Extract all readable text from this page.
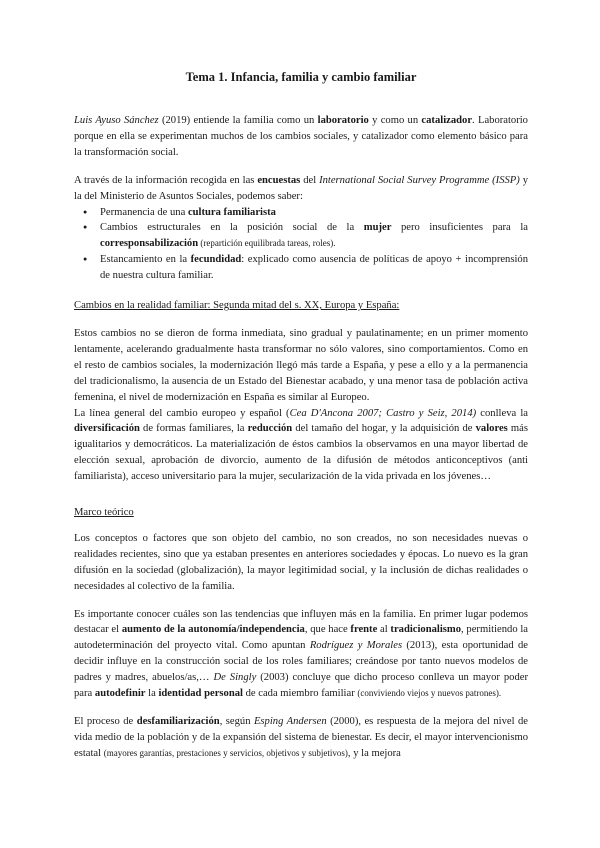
Tema 1. Infancia, familia y cambio familiar

Luis Ayuso Sánchez (2019) entiende la familia como un laboratorio y como un catalizador. Laboratorio porque en ella se experimentan muchos de los cambios sociales, y catalizador como elemento básico para la transformación social.

A través de la información recogida en las encuestas del International Social Survey Programme (ISSP) y la del Ministerio de Asuntos Sociales, podemos saber:

● Permanencia de una cultura familiarista
● Cambios estructurales en la posición social de la mujer pero insuficientes para la corresponsabilización (repartición equilibrada tareas, roles).
● Estancamiento en la fecundidad: explicado como ausencia de políticas de apoyo + incomprensión de nuestra cultura familiar.
Cambios en la realidad familiar: Segunda mitad del s. XX, Europa y España:

Estos cambios no se dieron de forma inmediata, sino gradual y paulatinamente; en un primer momento lentamente, acelerando gradualmente hasta transformar no sólo valores, sino comportamientos. Como en el resto de cambios sociales, la modernización llegó más tarde a España, y pese a ello y a la permanencia del tradicionalismo, la ausencia de un Estado del Bienestar acabado, y una menor tasa de población activa femenina, el nivel de modernización en España es similar al Europeo.

La línea general del cambio europeo y español (Cea D'Ancona 2007; Castro y Seiz, 2014) conlleva la diversificación de formas familiares, la reducción del tamaño del hogar, y la adquisición de valores más igualitarios y democráticos. La materialización de éstos cambios la observamos en una mayor libertad de elección sexual, aprobación de divorcio, aumento de la difusión de métodos anticonceptivos (anti familiarista), acceso universitario para la mujer, secularización de la vida privada en los jóvenes…

Marco teórico

Los conceptos o factores que son objeto del cambio, no son creados, no son necesidades nuevas o realidades recientes, sino que ya estaban presentes en anteriores sociedades y épocas. Lo nuevo es la gran difusión en la sociedad (globalización), la mayor legitimidad social, y la inclusión de dichas realidades o necesidades al colectivo de la familia.

Es importante conocer cuáles son las tendencias que influyen más en la familia. En primer lugar podemos destacar el aumento de la autonomía/independencia, que hace frente al tradicionalismo, permitiendo la autodeterminación del proyecto vital. Como apuntan Rodríguez y Morales (2013), esta oportunidad de decidir influye en la construcción social de los roles familiares; creándose por tanto nuevos modelos de padres y madres, abuelos/as,… De Singly (2003) concluye que dicho proceso conlleva un mayor poder para autodefinir la identidad personal de cada miembro familiar (conviviendo viejos y nuevos patrones).

El proceso de desfamiliarización, según Esping Andersen (2000), es respuesta de la mejora del nivel de vida medio de la población y de la expansión del sistema de bienestar. Es decir, el mayor intervencionismo estatal (mayores garantías, prestaciones y servicios, objetivos y subjetivos), y la mejora
